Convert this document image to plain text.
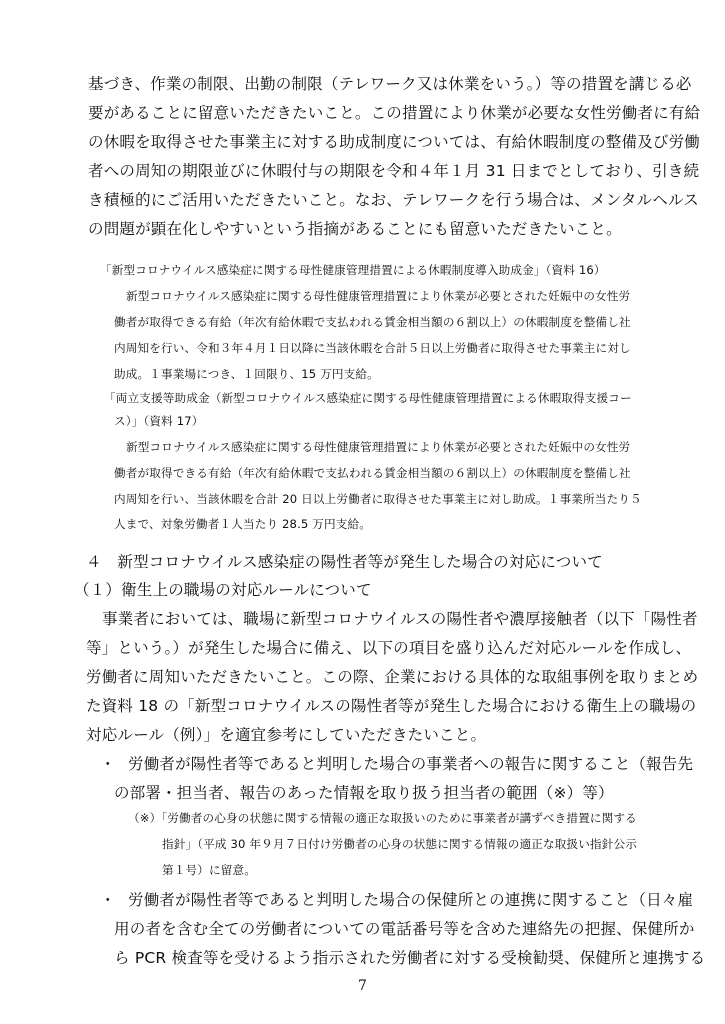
基づき、作業の制限、出勤の制限（テレワーク又は休業をいう。）等の措置を講じる必
要があることに留意いただきたいこと。この措置により休業が必要な女性労働者に有給
の休暇を取得させた事業主に対する助成制度については、有給休暇制度の整備及び労働
者への周知の期限並びに休暇付与の期限を令和４年１月 31 日までとしており、引き続
き積極的にご活用いただきたいこと。なお、テレワークを行う場合は、メンタルヘルス
の問題が顕在化しやすいという指摘があることにも留意いただきたいこと。
「新型コロナウイルス感染症に関する母性健康管理措置による休暇制度導入助成金」（資料 16）
新型コロナウイルス感染症に関する母性健康管理措置により休業が必要とされた妊娠中の女性労
働者が取得できる有給（年次有給休暇で支払われる賃金相当額の６割以上）の休暇制度を整備し社
内周知を行い、令和３年４月１日以降に当該休暇を合計５日以上労働者に取得させた事業主に対し
助成。１事業場につき、１回限り、15 万円支給。
「両立支援等助成金（新型コロナウイルス感染症に関する母性健康管理措置による休暇取得支援コー
ス）」（資料 17）
新型コロナウイルス感染症に関する母性健康管理措置により休業が必要とされた妊娠中の女性労
働者が取得できる有給（年次有給休暇で支払われる賃金相当額の６割以上）の休暇制度を整備し社
内周知を行い、当該休暇を合計 20 日以上労働者に取得させた事業主に対し助成。１事業所当たり５
人まで、対象労働者１人当たり 28.5 万円支給。
４　新型コロナウイルス感染症の陽性者等が発生した場合の対応について
（１）衛生上の職場の対応ルールについて
事業者においては、職場に新型コロナウイルスの陽性者や濃厚接触者（以下「陽性者
等」という。）が発生した場合に備え、以下の項目を盛り込んだ対応ルールを作成し、
労働者に周知いただきたいこと。この際、企業における具体的な取組事例を取りまとめ
た資料 18 の「新型コロナウイルスの陽性者等が発生した場合における衛生上の職場の
対応ルール（例）」を適宜参考にしていただきたいこと。
・ 労働者が陽性者等であると判明した場合の事業者への報告に関すること（報告先
の部署・担当者、報告のあった情報を取り扱う担当者の範囲（※）等）
（※）「労働者の心身の状態に関する情報の適正な取扱いのために事業者が講ずべき措置に関する
指針」（平成 30 年９月７日付け労働者の心身の状態に関する情報の適正な取扱い指針公示
第１号）に留意。
・ 労働者が陽性者等であると判明した場合の保健所との連携に関すること（日々雇
用の者を含む全ての労働者についての電話番号等を含めた連絡先の把握、保健所か
ら PCR 検査等を受けるよう指示された労働者に対する受検勧奨、保健所と連携する
7
